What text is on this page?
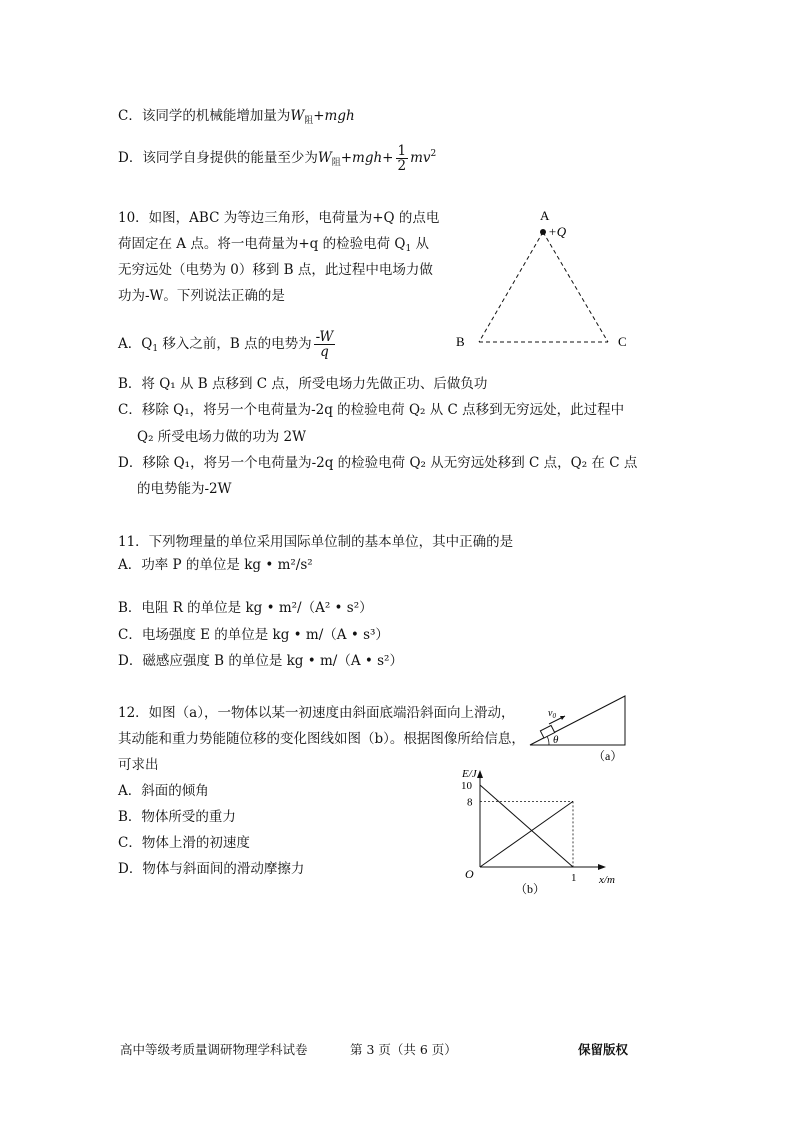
C．该同学的机械能增加量为$W_阻+mgh$
D．该同学自身提供的能量至少为$W_阻+mgh+ \frac{1}{2} mv^2$
10．如图，ABC 为等边三角形，电荷量为+Q 的点电
荷固定在 A 点。将一电荷量为+q 的检验电荷 $Q_1$ 从
无穷远处（电势为 0）移到 B 点，此过程中电场力做
功为-W。下列说法正确的是
A．$Q_1$ 移入之前，B 点的电势为 $\frac{-W}{q}$
B．将 Q₁ 从 B 点移到 C 点，所受电场力先做正功、后做负功
C．移除 Q₁，将另一个电荷量为-2q 的检验电荷 Q₂ 从 C 点移到无穷远处，此过程中
Q₂ 所受电场力做的功为 2W
D．移除 Q₁，将另一个电荷量为-2q 的检验电荷 Q₂ 从无穷远处移到 C 点，Q₂ 在 C 点
的电势能为-2W
A
+Q
B	C
11．下列物理量的单位采用国际单位制的基本单位，其中正确的是
A．功率 P 的单位是 kg • m²/s²
B．电阻 R 的单位是 kg • m²/（A² • s²）
C．电场强度 E 的单位是 kg • m/（A • s³）
D．磁感应强度 B 的单位是 kg • m/（A • s²）
12．如图（a），一物体以某一初速度由斜面底端沿斜面向上滑动，
其动能和重力势能随位移的变化图线如图（b）。根据图像所给信息，
可求出
A．斜面的倾角
B．物体所受的重力
C．物体上滑的初速度
D．物体与斜面间的滑动摩擦力
$v_0$
θ
（a）
10
8
1
E/J
x/m
O
（b）
高中等级考质量调研物理学科试卷	第 3 页（共 6 页）	保留版权
